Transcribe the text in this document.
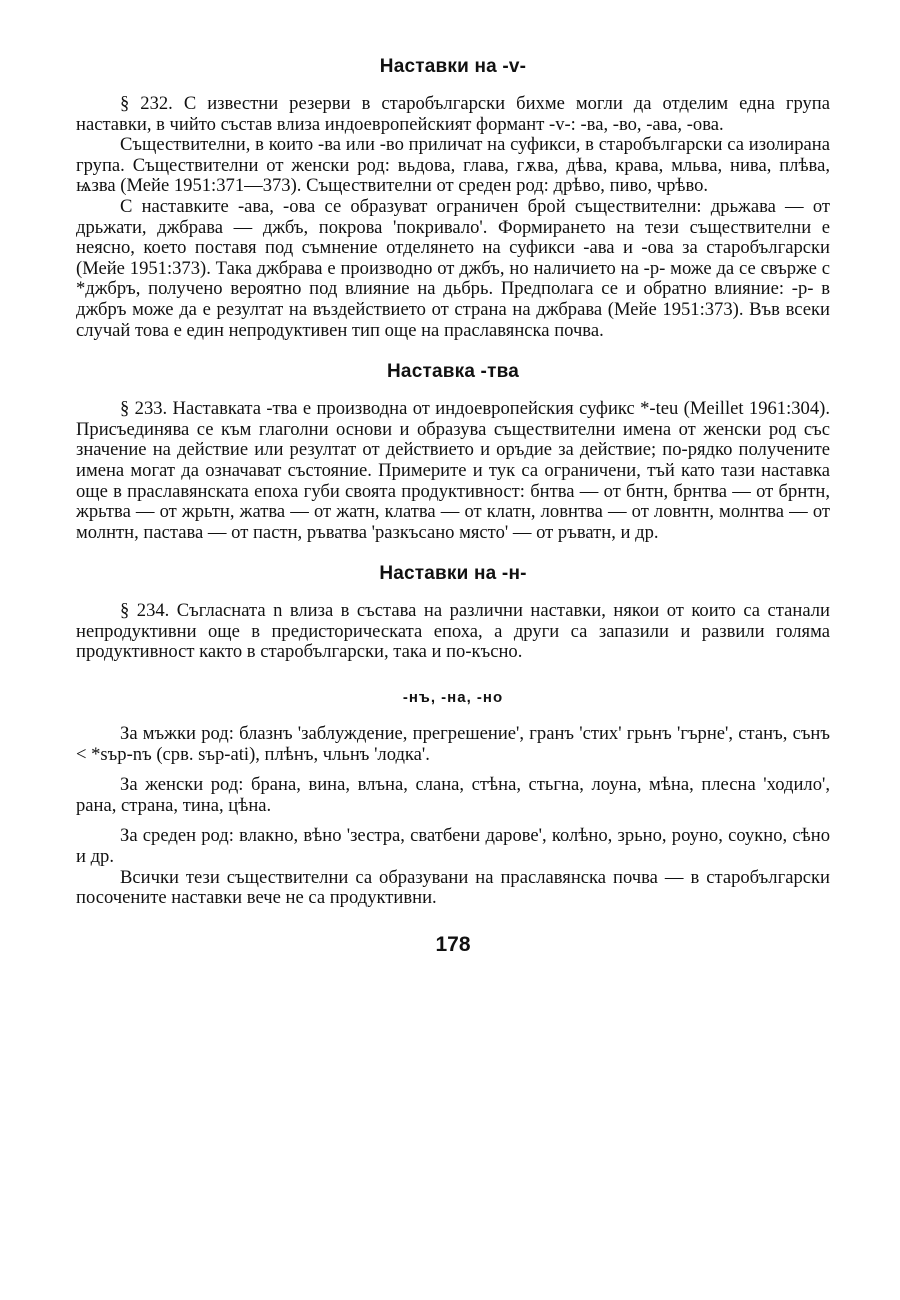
Наставки на -v-

§ 232. С известни резерви в старобългарски бихме могли да отделим една група наставки, в чийто състав влиза индоевропейският формант -v-: -ва, -во, -ава, -ова.

Съществителни, в които -ва или -во приличат на суфикси, в старобългарски са изолирана група. Съществителни от женски род: вьдова, глава, гѫва, дѣва, крава, мльва, нива, плѣва, ѩзва (Мейе 1951:371—373). Съществителни от среден род: дрѣво, пиво, чрѣво.

С наставките -ава, -ова се образуват ограничен брой съществителни: дрьжава — от дрьжати, джбрава — джбъ, покрова 'покривало'. Формирането на тези съществителни е неясно, което поставя под съмнение отделянето на суфикси -ава и -ова за старобългарски (Мейе 1951:373). Така джбрава е производно от джбъ, но наличието на -р- може да се свърже с *джбръ, получено вероятно под влияние на дьбрь. Предполага се и обратно влияние: -р- в джбръ може да е резултат на въздействието от страна на джбрава (Мейе 1951:373). Във всеки случай това е един непродуктивен тип още на праславянска почва.

Наставка -тва

§ 233. Наставката -тва е производна от индоевропейския суфикс *-teu (Meillet 1961:304). Присъединява се към глаголни основи и образува съществителни имена от женски род със значение на действие или резултат от действието и оръдие за действие; по-рядко получените имена могат да означават състояние. Примерите и тук са ограничени, тъй като тази наставка още в праславянската епоха губи своята продуктивност: бнтва — от бнтн, брнтва — от брнтн, жрьтва — от жрьтн, жатва — от жатн, клатва — от клатн, ловнтва — от ловнтн, молнтва — от молнтн, пастава — от пастн, ръватва 'разкъсано място' — от ръватн, и др.

Наставки на -н-

§ 234. Съгласната n влиза в състава на различни наставки, някои от които са станали непродуктивни още в предисторическата епоха, а други са запазили и развили голяма продуктивност както в старобългарски, така и по-късно.

-нъ, -на, -но

За мъжки род: блазнъ 'заблуждение, прегрешение', гранъ 'стих' грьнъ 'гърне', станъ, сънъ < *sъp-nъ (срв. sъp-ati), плѣнъ, чльнъ 'лодка'.

За женски род: брана, вина, влъна, слана, стѣна, стьгна, лоуна, мѣна, плесна 'ходило', рана, страна, тина, цѣна.

За среден род: влакно, вѣно 'зестра, сватбени дарове', колѣно, зрьно, роуно, соукно, сѣно и др.

Всички тези съществителни са образувани на праславянска почва — в старобългарски посочените наставки вече не са продуктивни.

178
